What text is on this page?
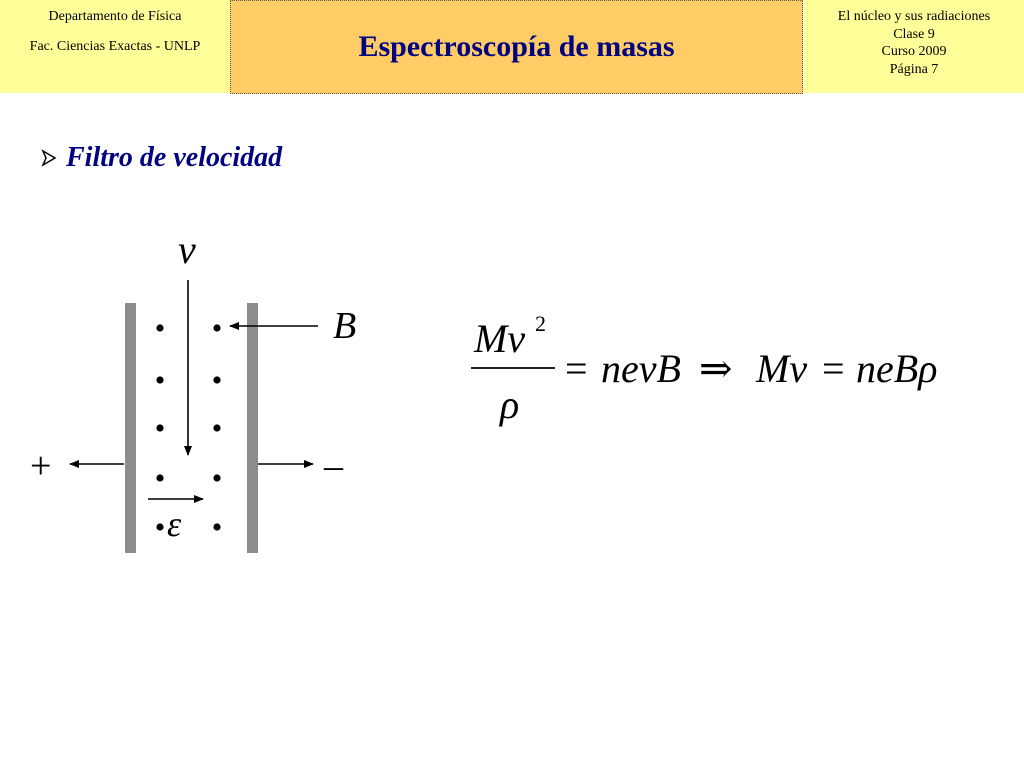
Departamento de Física
Fac. Ciencias Exactas - UNLP	Espectroscopía de masas
El núcleo y sus radiaciones
Clase 9
Curso 2009
Página 7
Filtro de velocidad
v
B
+	–
ε
Mv 2
ρ
= nevB ⇒ Mv = neBρ
